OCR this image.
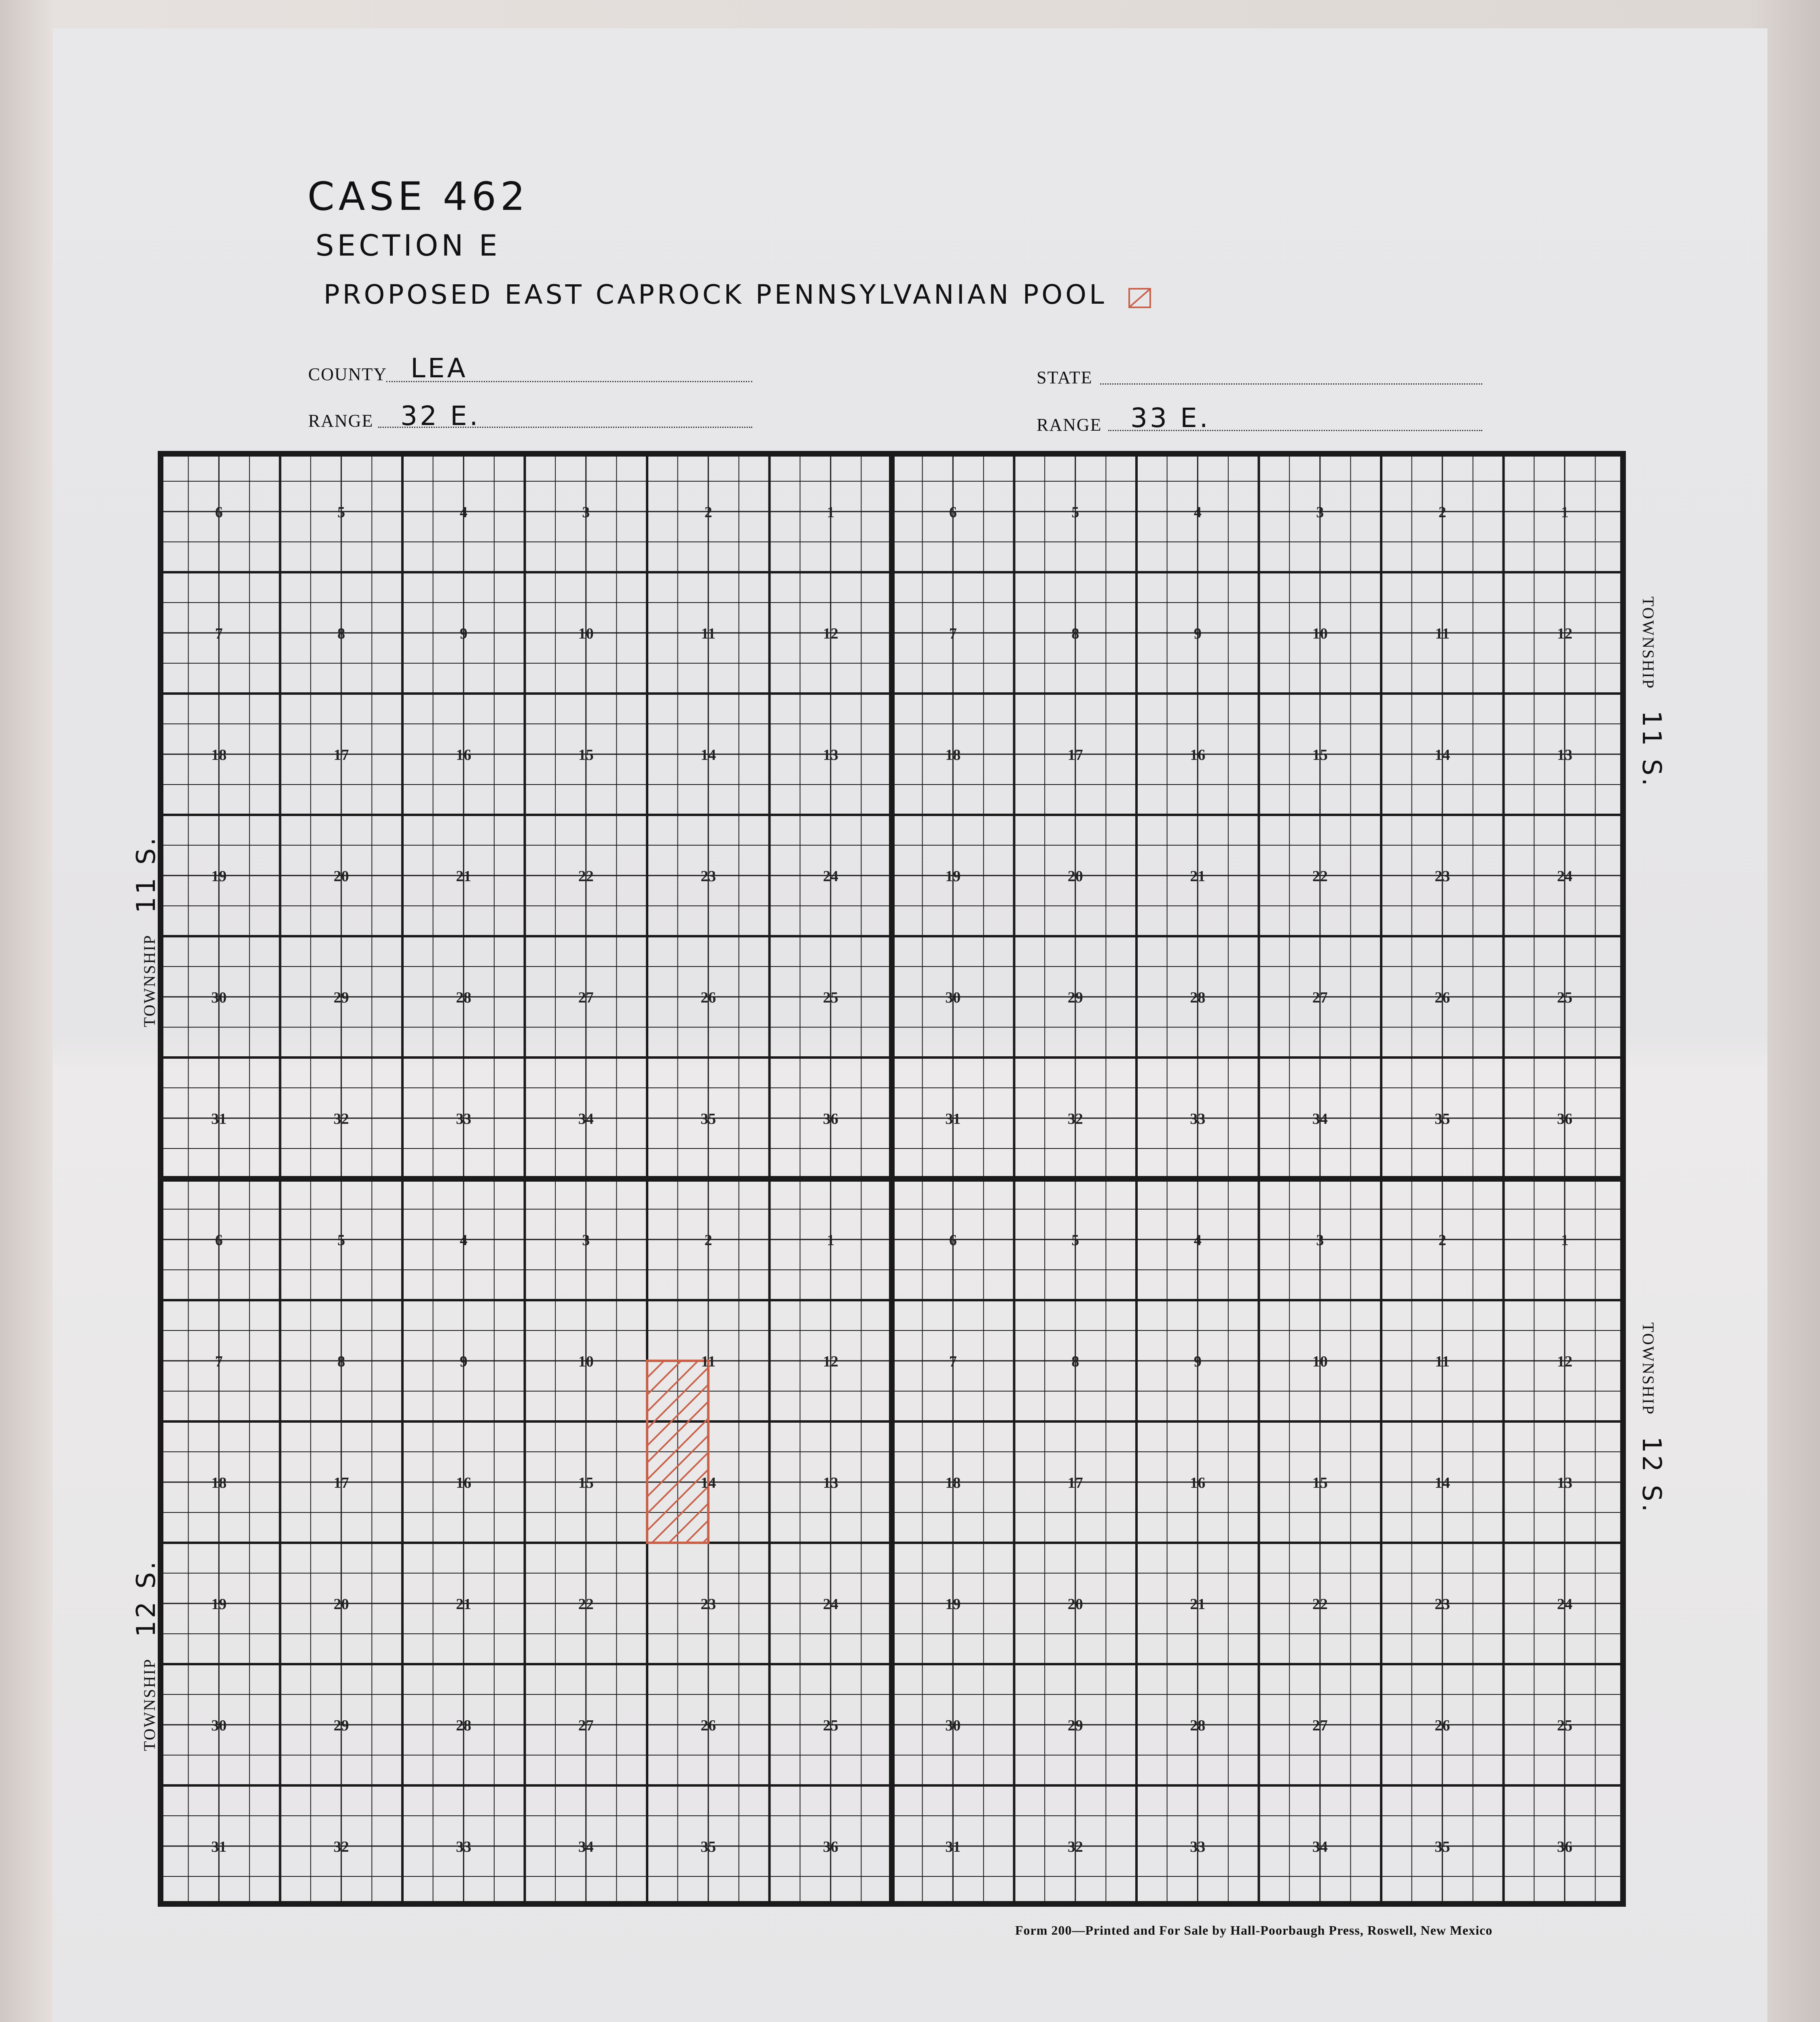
CASE 462
SECTION E
PROPOSED EAST CAPROCK PENNSYLVANIAN POOL
COUNTY LEA	STATE
RANGE 32 E.	RANGE 33 E.
TOWNSHIP    11 S.
TOWNSHIP    12 S.
TOWNSHIP    11 S.
TOWNSHIP    12 S.
6	5	4	3	2	1
7	8	9	10	11	12
18	17	16	15	14	13
19	20	21	22	23	24
30	29	28	27	26	25
31	32	33	34	35	36
6	5	4	3	2	1
7	8	9	10	11	12
18	17	16	15	14	13
19	20	21	22	23	24
30	29	28	27	26	25
31	32	33	34	35	36
6	5	4	3	2	1
7	8	9	10	11	12
18	17	16	15	14	13
19	20	21	22	23	24
30	29	28	27	26	25
31	32	33	34	35	36
6	5	4	3	2	1
7	8	9	10	11	12
18	17	16	15	14	13
19	20	21	22	23	24
30	29	28	27	26	25
31	32	33	34	35	36
Form 200—Printed and For Sale by Hall-Poorbaugh Press, Roswell, New Mexico
